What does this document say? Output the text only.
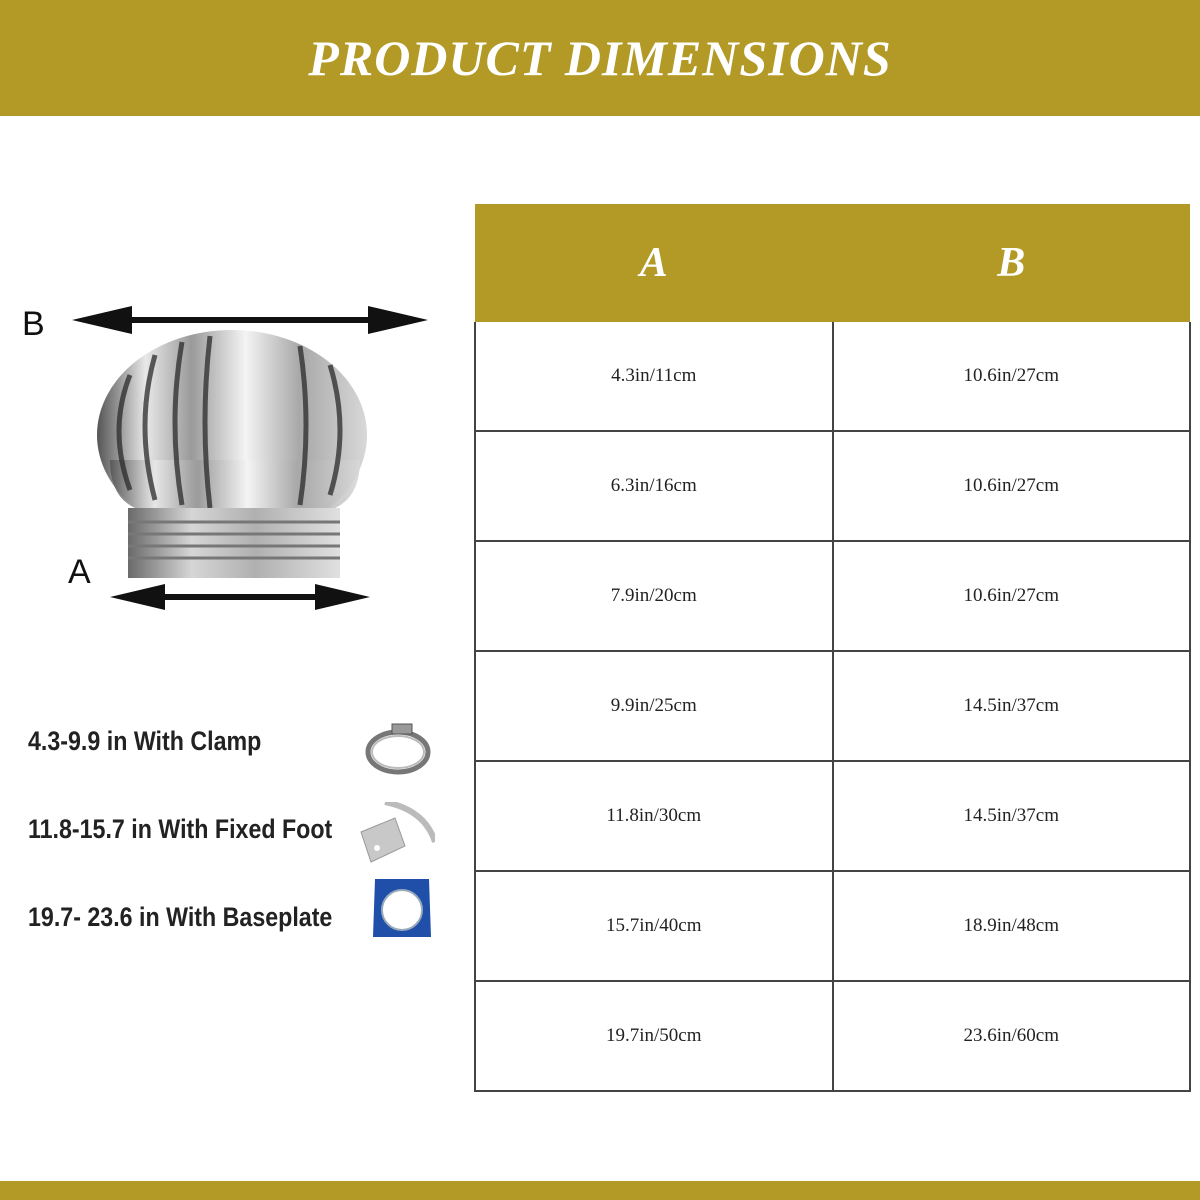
PRODUCT DIMENSIONS
B
A
4.3-9.9 in With Clamp
11.8-15.7 in With Fixed Foot
19.7- 23.6 in With Baseplate
A	B
4.3in/11cm	10.6in/27cm
6.3in/16cm	10.6in/27cm
7.9in/20cm	10.6in/27cm
9.9in/25cm	14.5in/37cm
11.8in/30cm	14.5in/37cm
15.7in/40cm	18.9in/48cm
19.7in/50cm	23.6in/60cm
